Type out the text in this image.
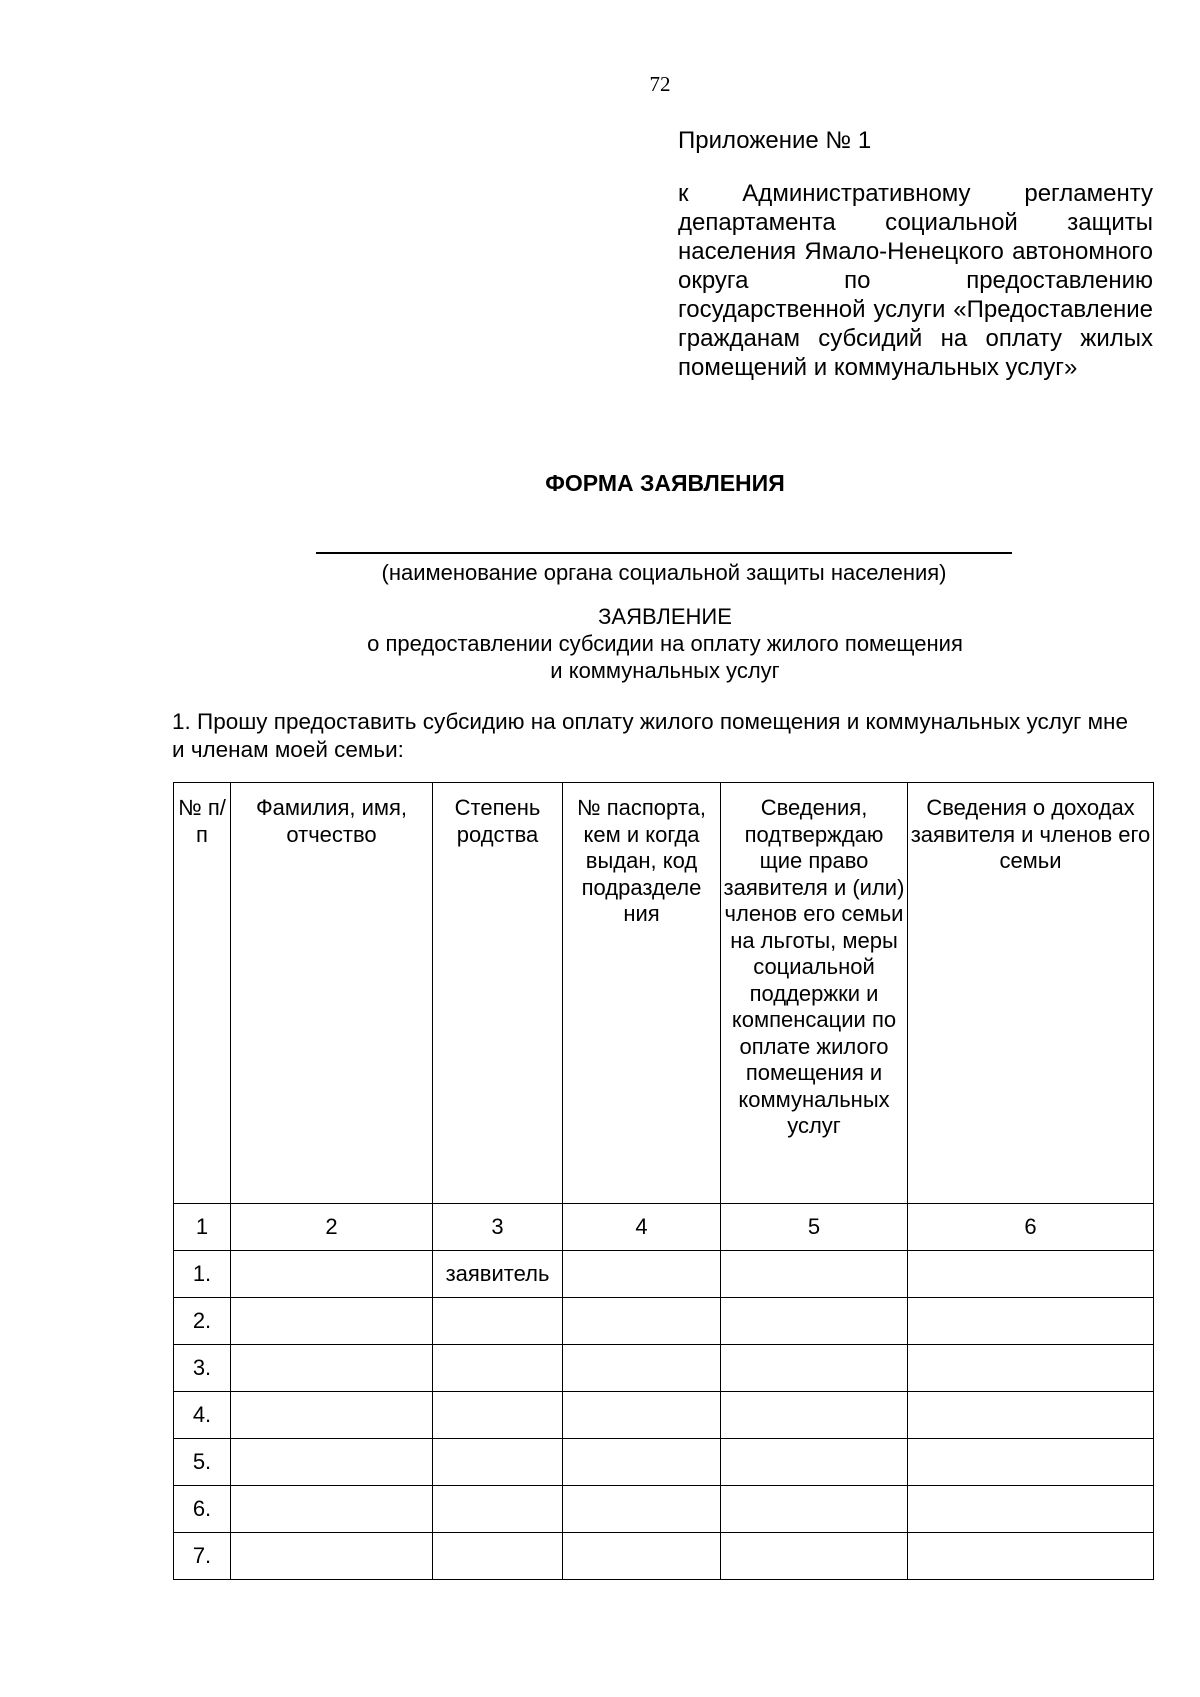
72

Приложение № 1

к Административному регламенту департамента социальной защиты населения Ямало-Ненецкого автономного округа по предоставлению государственной услуги «Предоставление гражданам субсидий на оплату жилых помещений и коммунальных услуг»

ФОРМА ЗАЯВЛЕНИЯ
(наименование органа социальной защиты населения)
ЗАЯВЛЕНИЕ
о предоставлении субсидии на оплату жилого помещения
и коммунальных услуг
1. Прошу предоставить субсидию на оплату жилого помещения и коммунальных услуг мне и членам моей семьи:
№ п/п	Фамилия, имя, отчество	Степень родства	№ паспорта, кем и когда выдан, код подразделе ния	Сведения, подтверждаю щие право заявителя и (или) членов его семьи на льготы, меры социальной поддержки и компенсации по оплате жилого помещения и коммунальных услуг	Сведения о доходах заявителя и членов его семьи
1	2	3	4	5	6
1.		заявитель			
2.					
3.					
4.					
5.					
6.					
7.					
